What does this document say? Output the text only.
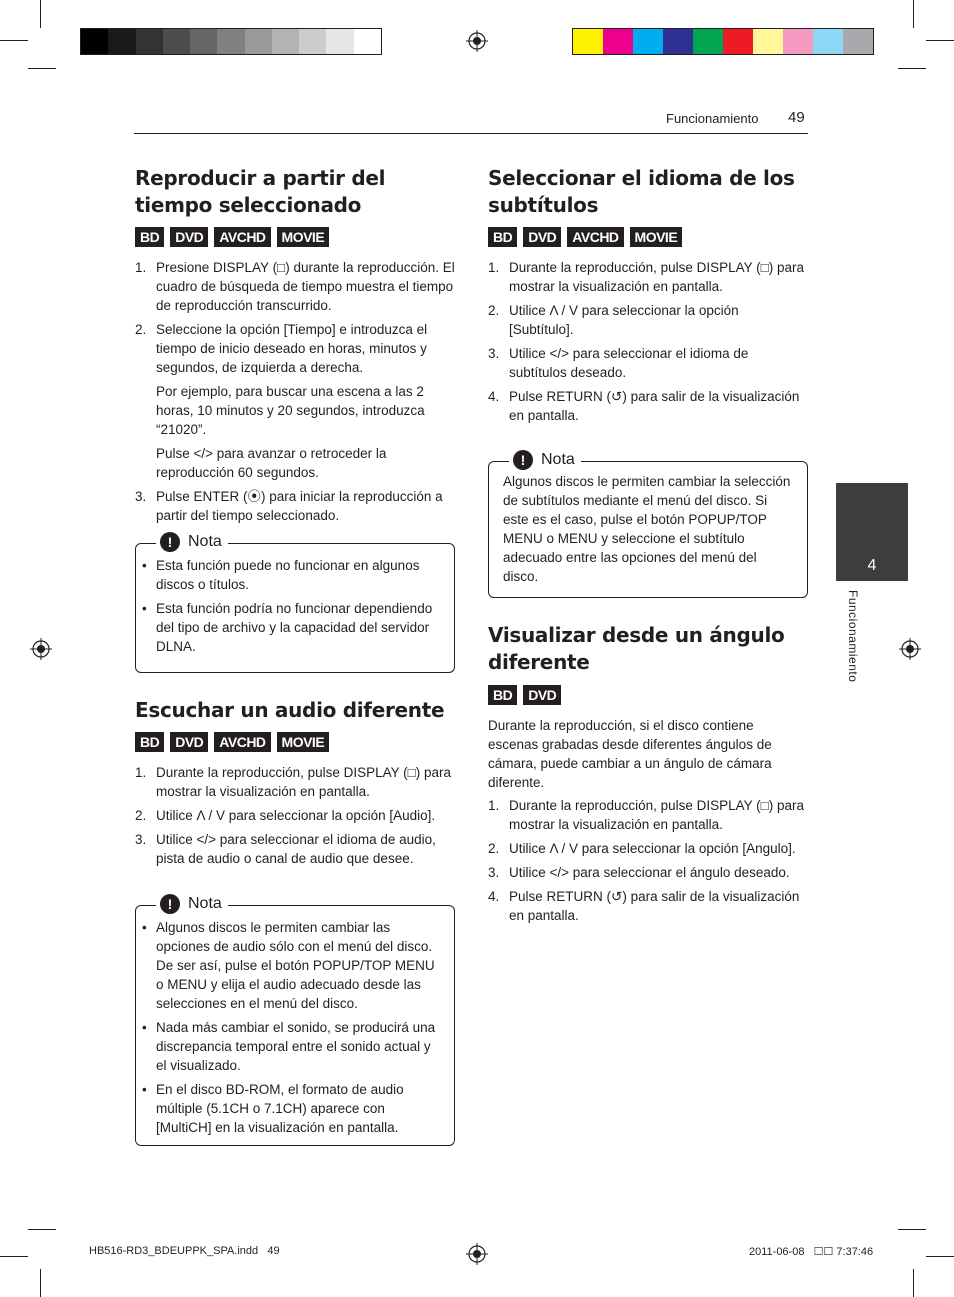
Funcionamiento 49
4
Funcionamiento
Reproducir a partir del tiempo seleccionado
BD	DVD	AVCHD	MOVIE
1. Presione DISPLAY (□) durante la reproducción. El cuadro de búsqueda de tiempo muestra el tiempo de reproducción transcurrido.
2. Seleccione la opción [Tiempo] e introduzca el tiempo de inicio deseado en horas, minutos y segundos, de izquierda a derecha.

Por ejemplo, para buscar una escena a las 2 horas, 10 minutos y 20 segundos, introduzca “21020”.

Pulse </> para avanzar o retroceder la reproducción 60 segundos.

3. Pulse ENTER (⦿) para iniciar la reproducción a partir del tiempo seleccionado.
! Nota
• Esta función puede no funcionar en algunos discos o títulos.
• Esta función podría no funcionar dependiendo del tipo de archivo y la capacidad del servidor DLNA.
Escuchar un audio diferente
BD	DVD	AVCHD	MOVIE
1. Durante la reproducción, pulse DISPLAY (□) para mostrar la visualización en pantalla.
2. Utilice Λ / V para seleccionar la opción [Audio].
3. Utilice </> para seleccionar el idioma de audio, pista de audio o canal de audio que desee.
! Nota
• Algunos discos le permiten cambiar las opciones de audio sólo con el menú del disco. De ser así, pulse el botón POPUP/TOP MENU o MENU y elija el audio adecuado desde las selecciones en el menú del disco.
• Nada más cambiar el sonido, se producirá una discrepancia temporal entre el sonido actual y el visualizado.
• En el disco BD-ROM, el formato de audio múltiple (5.1CH o 7.1CH) aparece con [MultiCH] en la visualización en pantalla.
Seleccionar el idioma de los subtítulos
BD	DVD	AVCHD	MOVIE
1. Durante la reproducción, pulse DISPLAY (□) para mostrar la visualización en pantalla.
2. Utilice Λ / V para seleccionar la opción [Subtítulo].
3. Utilice </> para seleccionar el idioma de subtítulos deseado.
4. Pulse RETURN (↺) para salir de la visualización en pantalla.
! Nota

Algunos discos le permiten cambiar la selección de subtítulos mediante el menú del disco. Si este es el caso, pulse el botón POPUP/TOP MENU o MENU y seleccione el subtítulo adecuado entre las opciones del menú del disco.

Visualizar desde un ángulo diferente
BD	DVD

Durante la reproducción, si el disco contiene escenas grabadas desde diferentes ángulos de cámara, puede cambiar a un ángulo de cámara diferente.

1. Durante la reproducción, pulse DISPLAY (□) para mostrar la visualización en pantalla.
2. Utilice Λ / V para seleccionar la opción [Angulo].
3. Utilice </> para seleccionar el ángulo deseado.
4. Pulse RETURN (↺) para salir de la visualización en pantalla.
HB516-RD3_BDEUPPK_SPA.indd   49	2011-06-08   ☐☐ 7:37:46
